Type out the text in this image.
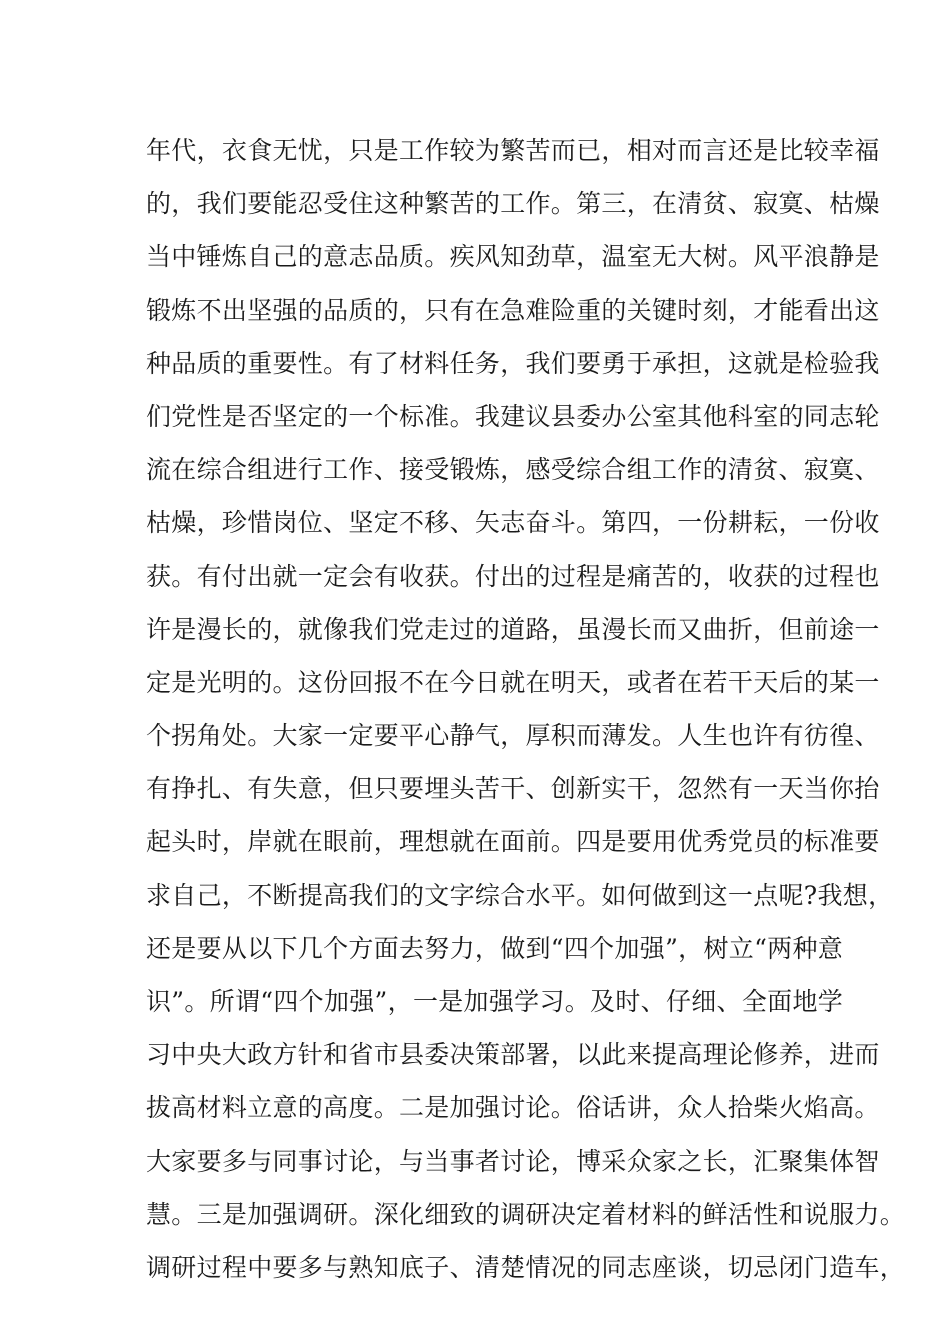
年代，衣食无忧，只是工作较为繁苦而已，相对而言还是比较幸福
的，我们要能忍受住这种繁苦的工作。第三，在清贫、寂寞、枯燥
当中锤炼自己的意志品质。疾风知劲草，温室无大树。风平浪静是
锻炼不出坚强的品质的，只有在急难险重的关键时刻，才能看出这
种品质的重要性。有了材料任务，我们要勇于承担，这就是检验我
们党性是否坚定的一个标准。我建议县委办公室其他科室的同志轮
流在综合组进行工作、接受锻炼，感受综合组工作的清贫、寂寞、
枯燥，珍惜岗位、坚定不移、矢志奋斗。第四，一份耕耘，一份收
获。有付出就一定会有收获。付出的过程是痛苦的，收获的过程也
许是漫长的，就像我们党走过的道路，虽漫长而又曲折，但前途一
定是光明的。这份回报不在今日就在明天，或者在若干天后的某一
个拐角处。大家一定要平心静气，厚积而薄发。人生也许有彷徨、
有挣扎、有失意，但只要埋头苦干、创新实干，忽然有一天当你抬
起头时，岸就在眼前，理想就在面前。四是要用优秀党员的标准要
求自己，不断提高我们的文字综合水平。如何做到这一点呢?我想，
还是要从以下几个方面去努力，做到“四个加强”，树立“两种意
识”。所谓“四个加强”，一是加强学习。及时、仔细、全面地学
习中央大政方针和省市县委决策部署，以此来提高理论修养，进而
拔高材料立意的高度。二是加强讨论。俗话讲，众人拾柴火焰高。
大家要多与同事讨论，与当事者讨论，博采众家之长，汇聚集体智
慧。三是加强调研。深化细致的调研决定着材料的鲜活性和说服力。
调研过程中要多与熟知底子、清楚情况的同志座谈，切忌闭门造车，
